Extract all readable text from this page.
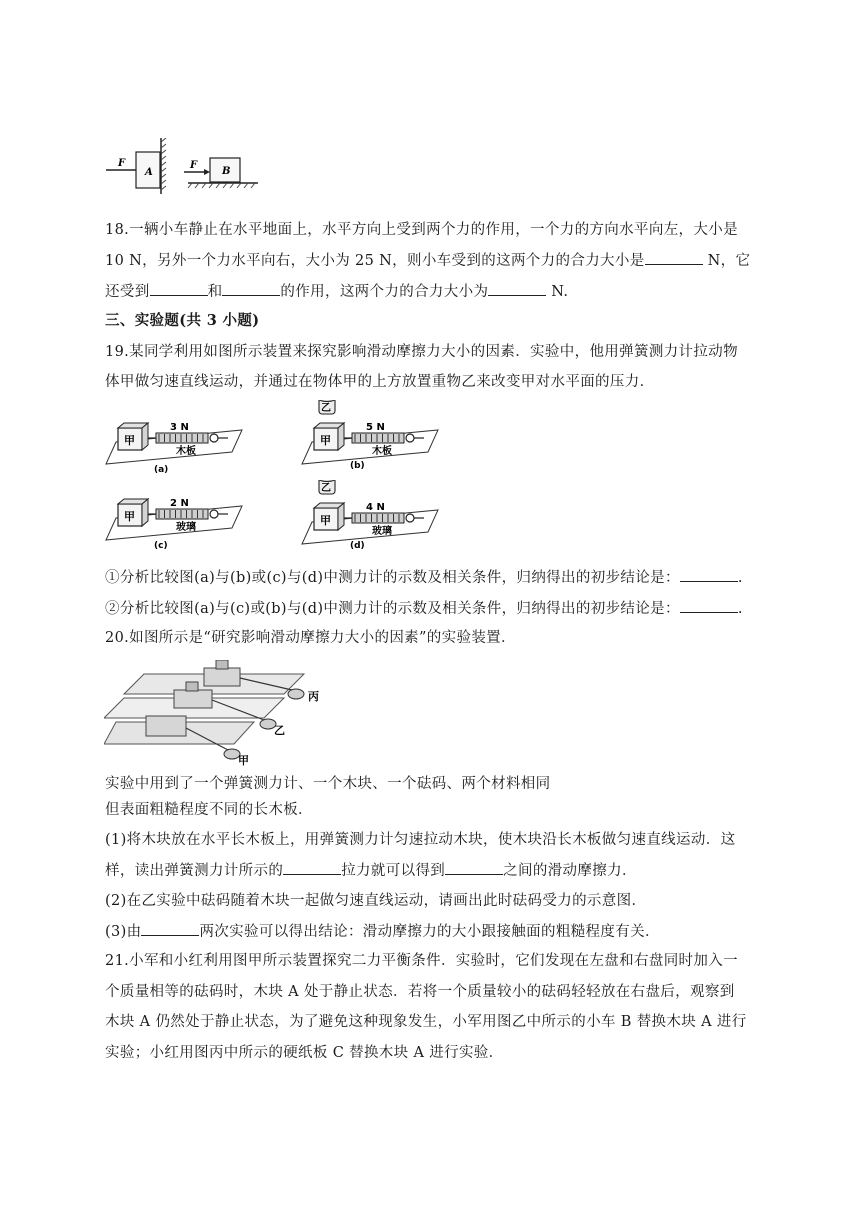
F
A
F
B
18.一辆小车静止在水平地面上，水平方向上受到两个力的作用，一个力的方向水平向左，大小是
10 N，另外一个力水平向右，大小为 25 N，则小车受到的这两个力的合力大小是	N，它
还受到	和	的作用，这两个力的合力大小为	N.
三、实验题(共 3 小题)
19.某同学利用如图所示装置来探究影响滑动摩擦力大小的因素．实验中，他用弹簧测力计拉动物
体甲做匀速直线运动，并通过在物体甲的上方放置重物乙来改变甲对水平面的压力．
甲
3 N
木板
(a)
甲
乙
5 N
木板
(b)
甲
2 N
玻璃
(c)
甲
乙
4 N
玻璃
(d)
①分析比较图(a)与(b)或(c)与(d)中测力计的示数及相关条件，归纳得出的初步结论是：	.
②分析比较图(a)与(c)或(b)与(d)中测力计的示数及相关条件，归纳得出的初步结论是：	.
20.如图所示是“研究影响滑动摩擦力大小的因素”的实验装置．
丙
乙
甲
实验中用到了一个弹簧测力计、一个木块、一个砝码、两个材料相同
但表面粗糙程度不同的长木板．
(1)将木块放在水平长木板上，用弹簧测力计匀速拉动木块，使木块沿长木板做匀速直线运动．这
样，读出弹簧测力计所示的	拉力就可以得到	之间的滑动摩擦力．
(2)在乙实验中砝码随着木块一起做匀速直线运动，请画出此时砝码受力的示意图．
(3)由	两次实验可以得出结论：滑动摩擦力的大小跟接触面的粗糙程度有关．
21.小军和小红利用图甲所示装置探究二力平衡条件．实验时，它们发现在左盘和右盘同时加入一
个质量相等的砝码时，木块 A 处于静止状态．若将一个质量较小的砝码轻轻放在右盘后，观察到
木块 A 仍然处于静止状态，为了避免这种现象发生，小军用图乙中所示的小车 B 替换木块 A 进行
实验；小红用图丙中所示的硬纸板 C 替换木块 A 进行实验．
